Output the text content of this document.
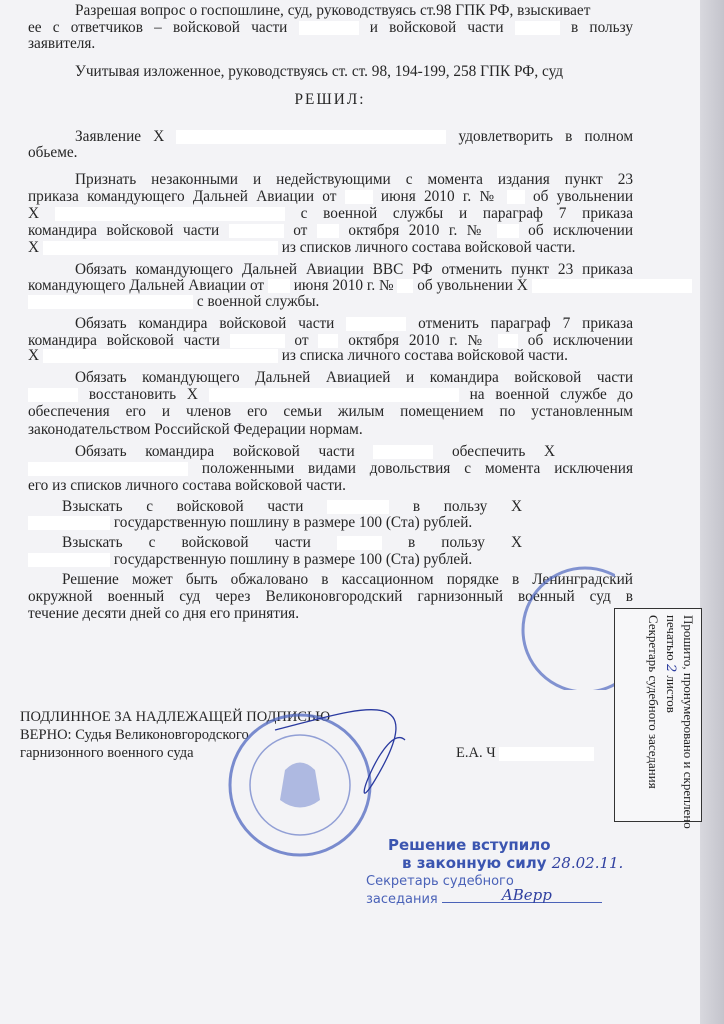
Разрешая вопрос о госпошлине, суд, руководствуясь ст.98 ГПК РФ, взыскивает
ее с ответчиков – войсковой части	и войсковой части	в пользу
заявителя.
Учитывая изложенное, руководствуясь ст. ст. 98, 194-199, 258 ГПК РФ, суд
РЕШИЛ:
Заявление Х	удовлетворить в полном
обьеме.
Признать незаконными и недействующими с момента издания пункт 23
приказа командующего Дальней Авиации от	июня 2010 г. № об увольнении
Х	с военной службы и параграф 7 приказа
командира войсковой части	от	октября 2010 г. №	об исключении
Х	из списков личного состава войсковой части.
Обязать командующего Дальней Авиации ВВС РФ отменить пункт 23 приказа
командующего Дальней Авиации от июня 2010 г. № об увольнении Х
с военной службы.
Обязать командира войсковой части	отменить параграф 7 приказа
командира войсковой части	от	октября 2010 г. №	об исключении
Х	из списка личного состава войсковой части.
Обязать командующего Дальней Авиацией и командира войсковой части
восстановить Х	на военной службе до
обеспечения его и членов его семьи жилым помещением по установленным
законодательством Российской Федерации нормам.
Обязать командира войсковой части	обеспечить Х
положенными видами довольствия с момента исключения
его из списков личного состава войсковой части.
Взыскать с войсковой части	в пользу Х
государственную пошлину в размере 100 (Ста) рублей.
Взыскать с войсковой части	в пользу Х
государственную пошлину в размере 100 (Ста) рублей.
Решение может быть обжаловано в кассационном порядке в Ленинградский
окружной военный суд через Великоновгородский гарнизонный военный суд в
течение десяти дней со дня его принятия.
ПОДЛИННОЕ ЗА НАДЛЕЖАЩЕЙ ПОДПИСЬЮ
ВЕРНО: Судья Великоновгородского
гарнизонного военного суда	Е.А. Ч
Решение вступило
в законную силу 28.02.11.
Секретарь судебного
заседания	ABepp
Прошито, пронумеровано и скреплено
печатью 2 листов
Секретарь судебного заседания
